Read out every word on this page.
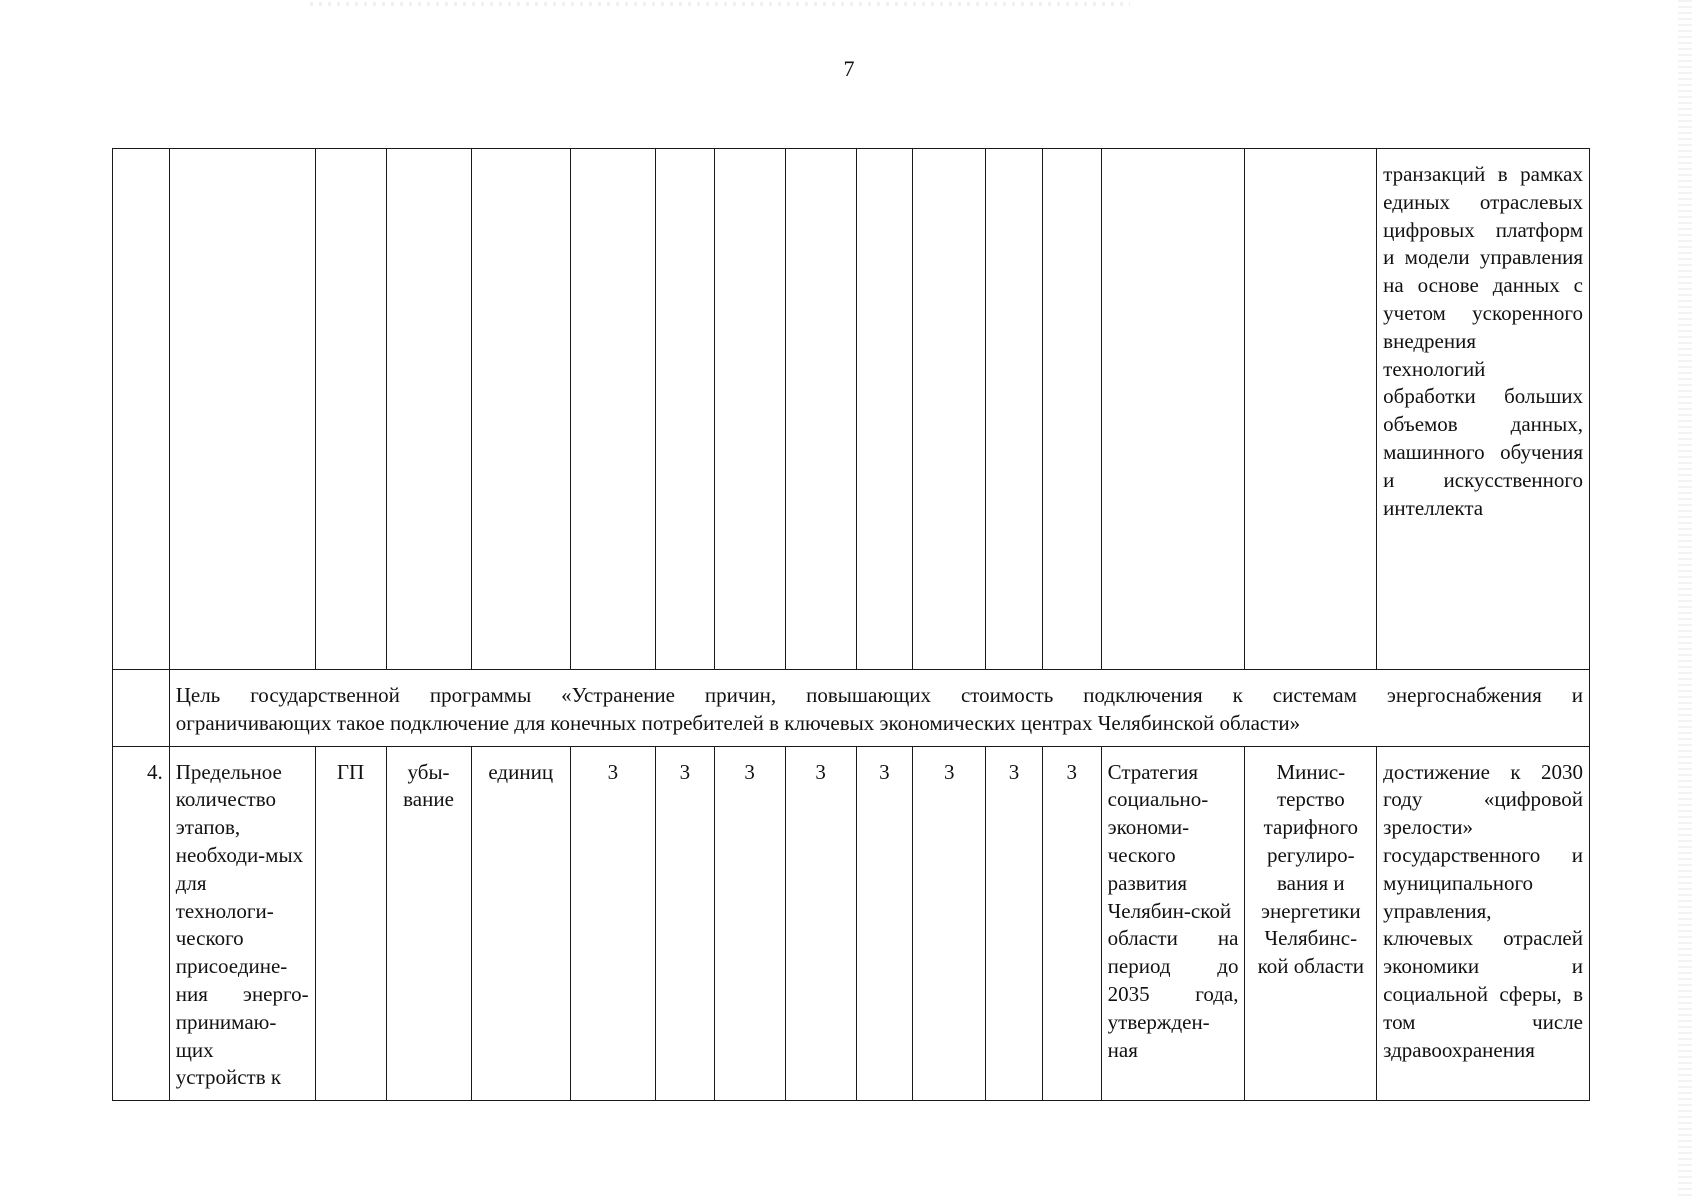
7
															транзакций в рамках единых отраслевых цифровых платформ и модели управления на основе данных с учетом ускоренного внедрения технологий обработки больших объемов данных, машинного обучения и искусственного интеллекта

	Цель государственной программы «Устранение причин, повышающих стоимость подключения к системам энергоснабжения и
ограничивающих такое подключение для конечных потребителей в ключевых экономических центрах Челябинской области»														

4.	Предельное количество этапов, необходи-мых для технологи-ческого присоедине-ния энерго-принимаю-щих устройств к	ГП	убы-вание	единиц	3	3	3	3	3	3	3	3	Стратегия социально-экономи-ческого развития Челябин-ской области на период до 2035 года, утвержден-ная	Минис-терство тарифного регулиро-вания и энергетики Челябинс-кой области	достижение к 2030 году «цифровой зрелости» государственного и муниципального управления, ключевых отраслей экономики и социальной сферы, в том числе здравоохранения
